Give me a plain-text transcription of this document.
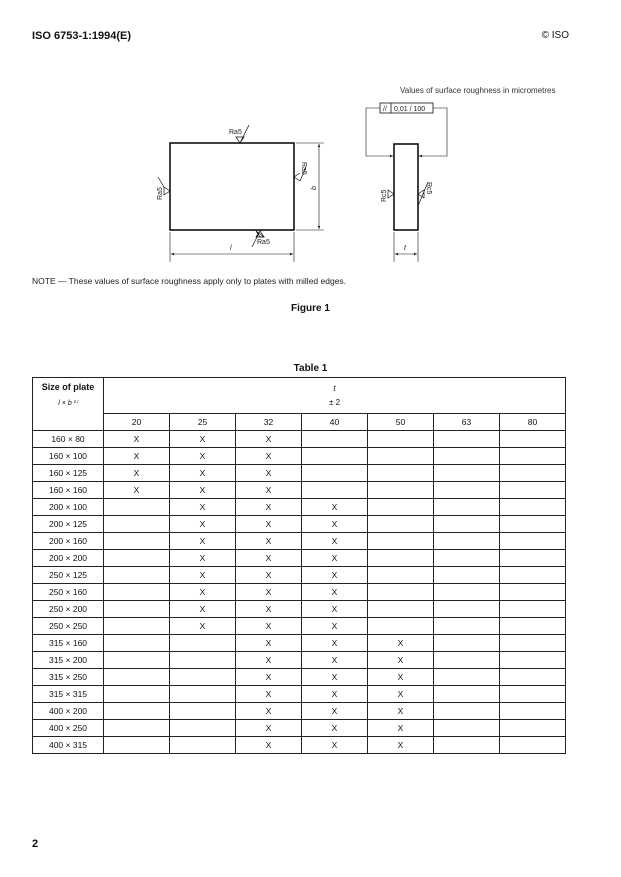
ISO 6753-1:1994(E)	© ISO
Values of surface roughness in micrometres
// 0,01 / 100
Ra5
Ra5
Ra5
Ra5
Rc5
Rc5
l
b
t
NOTE — These values of surface roughness apply only to plates with milled edges.
Figure 1
Table 1
Size of plate
l × b ¹⁾	t
± 2						
	20	25	32	40	50	63	80
160 × 80	X	X	X				
160 × 100	X	X	X				
160 × 125	X	X	X				
160 × 160	X	X	X				
200 × 100		X	X	X			
200 × 125		X	X	X			
200 × 160		X	X	X			
200 × 200		X	X	X			
250 × 125		X	X	X			
250 × 160		X	X	X			
250 × 200		X	X	X			
250 × 250		X	X	X			
315 × 160			X	X	X		
315 × 200			X	X	X		
315 × 250			X	X	X		
315 × 315			X	X	X		
400 × 200			X	X	X		
400 × 250			X	X	X		
400 × 315			X	X	X		
2
